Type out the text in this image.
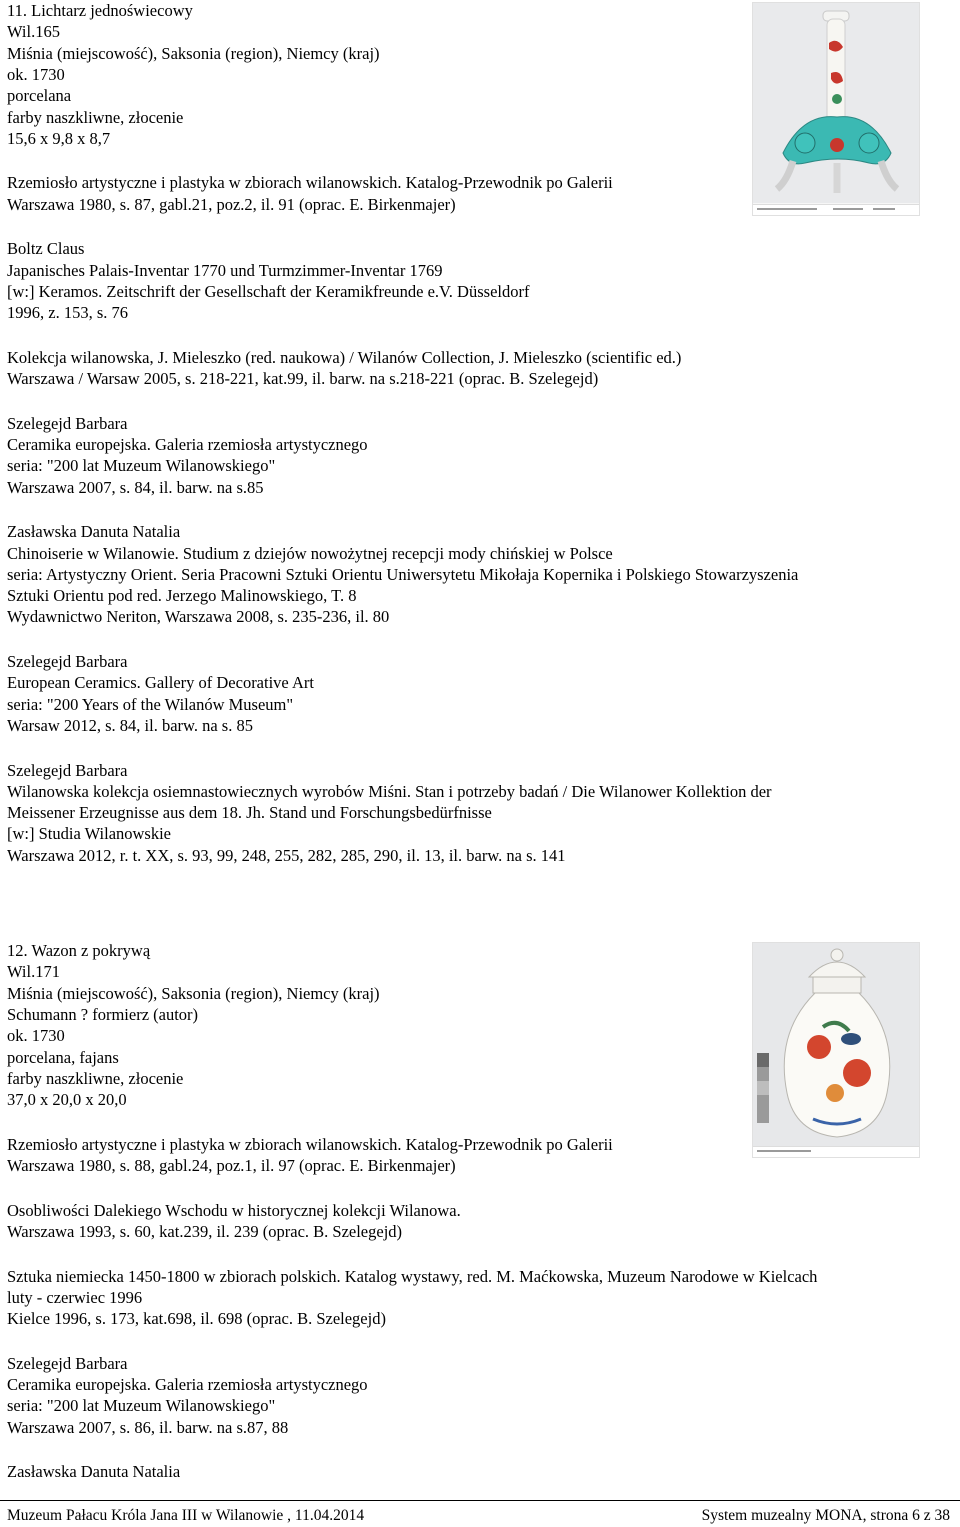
11. Lichtarz jednoświecowy
Wil.165
Miśnia (miejscowość), Saksonia (region), Niemcy (kraj)
ok. 1730
porcelana
farby naszkliwne, złocenie
15,6 x 9,8 x 8,7
Rzemiosło artystyczne i plastyka w zbiorach wilanowskich. Katalog-Przewodnik po Galerii
Warszawa 1980, s. 87, gabl.21, poz.2, il. 91 (oprac. E. Birkenmajer)
Boltz Claus
Japanisches Palais-Inventar 1770 und Turmzimmer-Inventar 1769
[w:] Keramos. Zeitschrift der Gesellschaft der Keramikfreunde e.V. Düsseldorf
1996, z. 153, s. 76
Kolekcja wilanowska, J. Mieleszko (red. naukowa) / Wilanów Collection, J. Mieleszko (scientific ed.)
Warszawa / Warsaw 2005, s. 218-221, kat.99, il. barw. na s.218-221 (oprac. B. Szelegejd)
Szelegejd Barbara
Ceramika europejska. Galeria rzemiosła artystycznego
seria: "200 lat Muzeum Wilanowskiego"
Warszawa 2007, s. 84, il. barw. na s.85
Zasławska Danuta Natalia
Chinoiserie w Wilanowie. Studium z dziejów nowożytnej recepcji mody chińskiej w Polsce
seria: Artystyczny Orient. Seria Pracowni Sztuki Orientu Uniwersytetu Mikołaja Kopernika i Polskiego Stowarzyszenia
Sztuki Orientu pod red. Jerzego Malinowskiego, T. 8
Wydawnictwo Neriton, Warszawa 2008, s. 235-236, il. 80
Szelegejd Barbara
European Ceramics. Gallery of Decorative Art
seria: "200 Years of the Wilanów Museum"
Warsaw 2012, s. 84, il. barw. na s. 85
Szelegejd Barbara
Wilanowska kolekcja osiemnastowiecznych wyrobów Miśni. Stan i potrzeby badań / Die Wilanower Kollektion der
Meissener Erzeugnisse aus dem 18. Jh. Stand und Forschungsbedürfnisse
[w:] Studia Wilanowskie
Warszawa 2012, r. t. XX, s. 93, 99, 248, 255, 282, 285, 290, il. 13, il. barw. na s. 141
12. Wazon z pokrywą
Wil.171
Miśnia (miejscowość), Saksonia (region), Niemcy (kraj)
Schumann ? formierz (autor)
ok. 1730
porcelana, fajans
farby naszkliwne, złocenie
37,0 x 20,0 x 20,0
Rzemiosło artystyczne i plastyka w zbiorach wilanowskich. Katalog-Przewodnik po Galerii
Warszawa 1980, s. 88, gabl.24, poz.1, il. 97 (oprac. E. Birkenmajer)
Osobliwości Dalekiego Wschodu w historycznej kolekcji Wilanowa.
Warszawa 1993, s. 60, kat.239, il. 239 (oprac. B. Szelegejd)
Sztuka niemiecka 1450-1800 w zbiorach polskich. Katalog wystawy, red. M. Maćkowska, Muzeum Narodowe w Kielcach
luty - czerwiec 1996
Kielce 1996, s. 173, kat.698, il. 698 (oprac. B. Szelegejd)
Szelegejd Barbara
Ceramika europejska. Galeria rzemiosła artystycznego
seria: "200 lat Muzeum Wilanowskiego"
Warszawa 2007, s. 86, il. barw. na s.87, 88
Zasławska Danuta Natalia
Muzeum Pałacu Króla Jana III w Wilanowie , 11.04.2014	System muzealny MONA, strona 6 z 38
